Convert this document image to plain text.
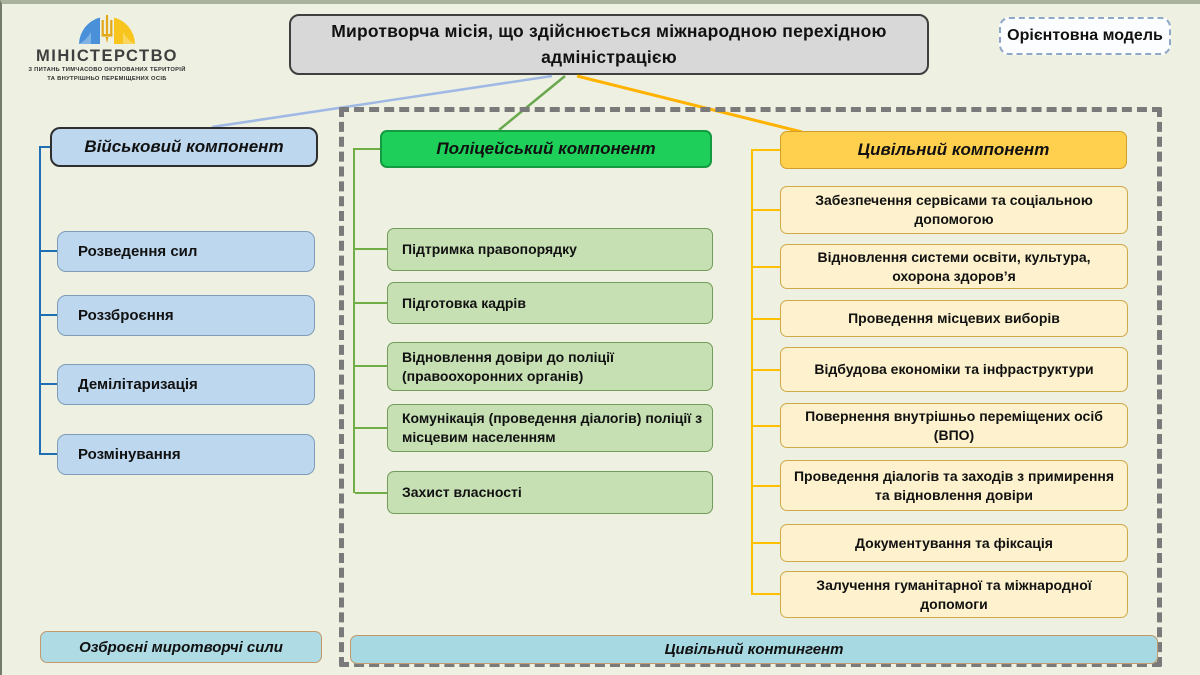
МІНІСТЕРСТВО
З ПИТАНЬ ТИМЧАСОВО ОКУПОВАНИХ ТЕРИТОРІЙ
ТА ВНУТРІШНЬО ПЕРЕМІЩЕНИХ ОСІБ
Миротворча місія, що здійснюється міжнародною перехідною адміністрацією
Орієнтовна модель
Військовий компонент
Розведення сил
Роззброєння
Демілітаризація
Розмінування
Поліцейський компонент
Підтримка правопорядку
Підготовка кадрів
Відновлення довіри до поліції (правоохоронних органів)
Комунікація (проведення діалогів) поліції з місцевим населенням
Захист власності
Цивільний компонент
Забезпечення сервісами та соціальною допомогою
Відновлення системи освіти, культура, охорона здоров’я
Проведення місцевих виборів
Відбудова економіки та інфраструктури
Повернення внутрішньо переміщених осіб (ВПО)
Проведення діалогів та заходів з примирення та відновлення довіри
Документування та фіксація
Залучення гуманітарної та міжнародної допомоги
Озброєні миротворчі сили	Цивільний контингент
